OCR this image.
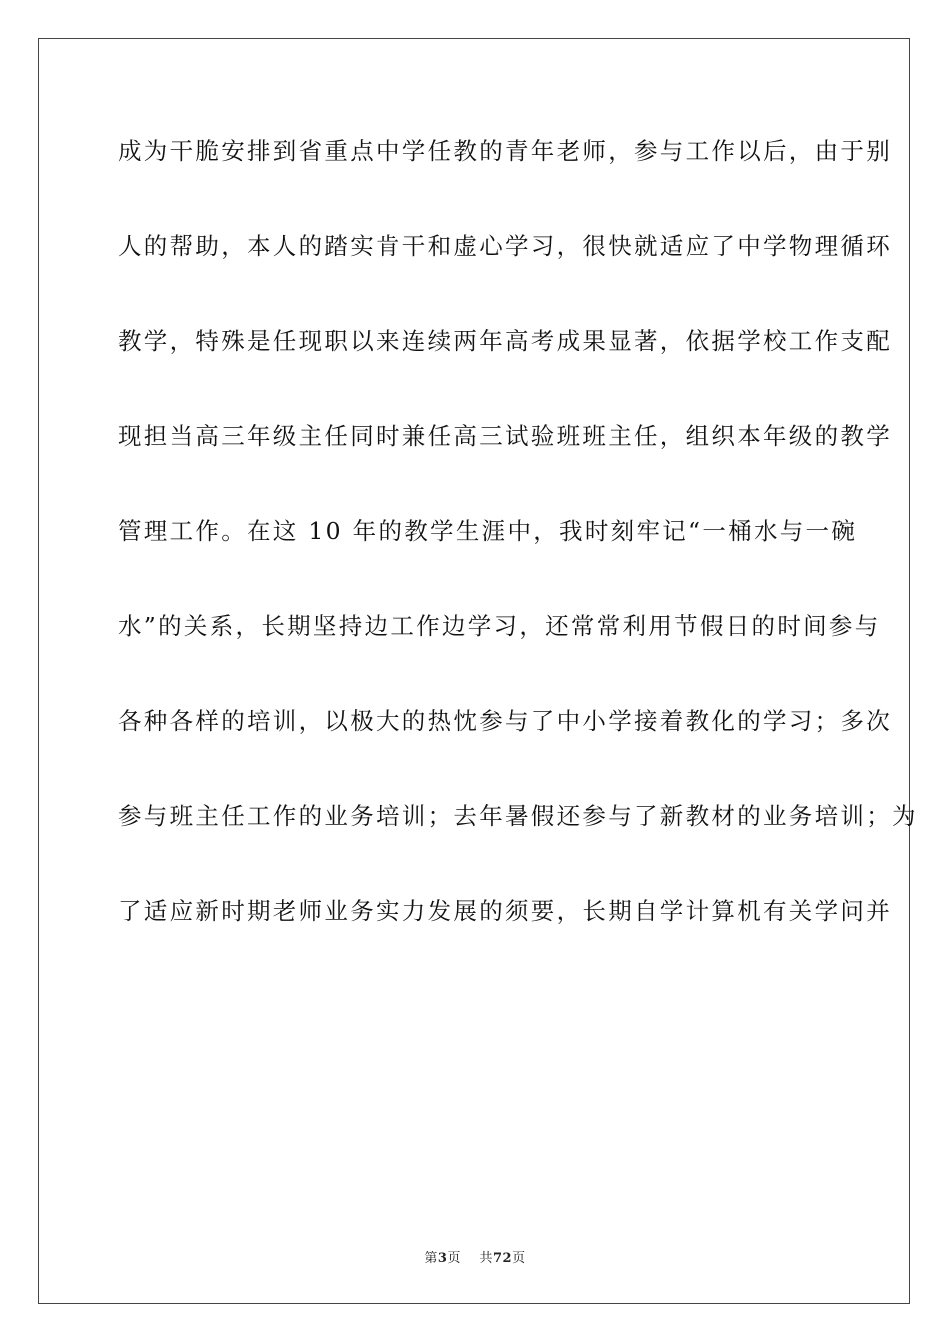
成为干脆安排到省重点中学任教的青年老师，参与工作以后，由于别
人的帮助，本人的踏实肯干和虚心学习，很快就适应了中学物理循环
教学，特殊是任现职以来连续两年高考成果显著，依据学校工作支配
现担当高三年级主任同时兼任高三试验班班主任，组织本年级的教学
管理工作。在这 10 年的教学生涯中，我时刻牢记“一桶水与一碗
水”的关系，长期坚持边工作边学习，还常常利用节假日的时间参与
各种各样的培训，以极大的热忱参与了中小学接着教化的学习；多次
参与班主任工作的业务培训；去年暑假还参与了新教材的业务培训；为
了适应新时期老师业务实力发展的须要，长期自学计算机有关学问并
第3页 共72页
